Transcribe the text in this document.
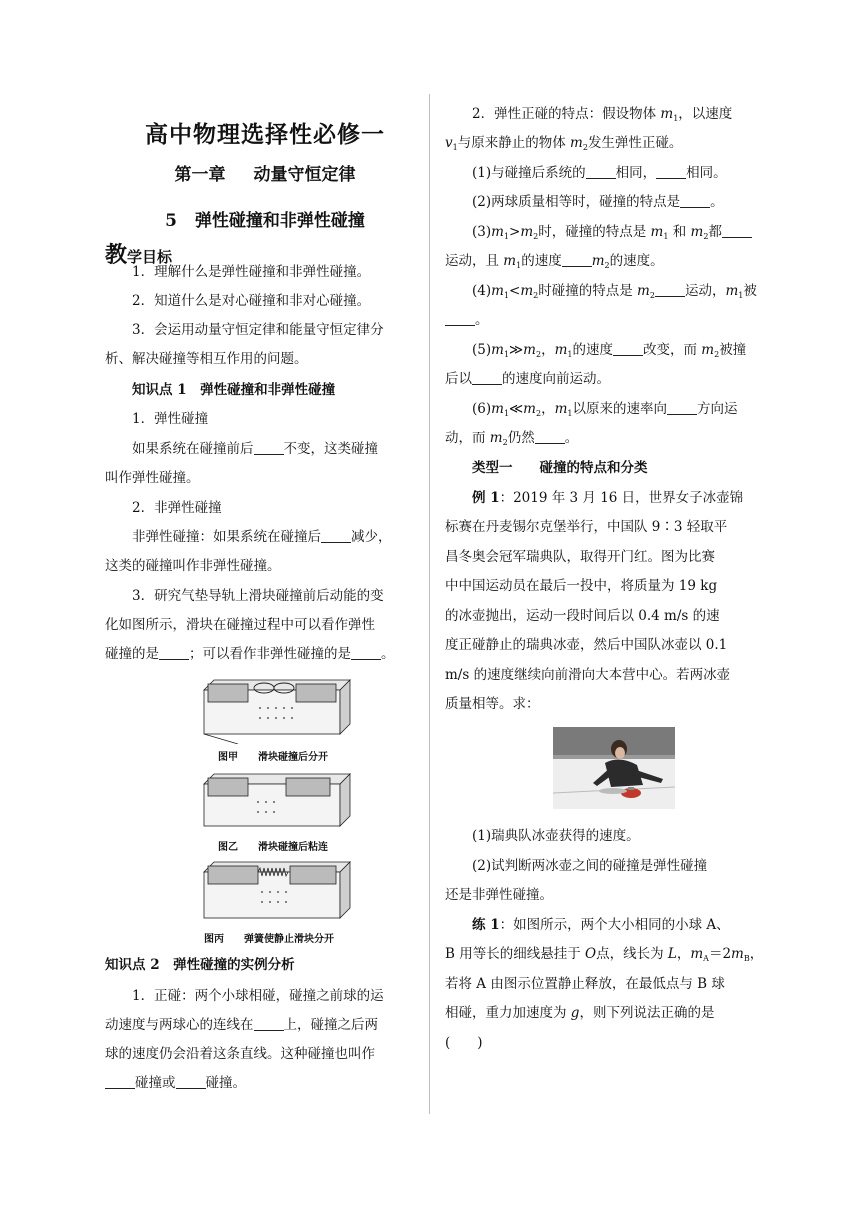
高中物理选择性必修一
第一章 动量守恒定律
5 弹性碰撞和非弹性碰撞
教学目标

1．理解什么是弹性碰撞和非弹性碰撞。

2．知道什么是对心碰撞和非对心碰撞。

3．会运用动量守恒定律和能量守恒定律分

析、解决碰撞等相互作用的问题。

知识点 1　 弹性碰撞和非弹性碰撞

1．弹性碰撞

如果系统在碰撞前后 不变，这类碰撞

叫作弹性碰撞。

2．非弹性碰撞

非弹性碰撞：如果系统在碰撞后 减少，

这类的碰撞叫作非弹性碰撞。

3．研究气垫导轨上滑块碰撞前后动能的变

化如图所示，滑块在碰撞过程中可以看作弹性

碰撞的是 ；可以看作非弹性碰撞的是 。

图甲　　 滑块碰撞后分开
图乙　　 滑块碰撞后粘连
图丙　　 弹簧使静止滑块分开

知识点 2　 弹性碰撞的实例分析

1．正碰：两个小球相碰，碰撞之前球的运

动速度与两球心的连线在 上，碰撞之后两

球的速度仍会沿着这条直线。这种碰撞也叫作

碰撞或 碰撞。

2．弹性正碰的特点：假设物体 $m_1$，以速度

$v_1$与原来静止的物体 $m_2$发生弹性正碰。

(1)与碰撞后系统的 相同， 相同。

(2)两球质量相等时，碰撞的特点是 。

$(3)m_1>m_2$时，碰撞的特点是 $m_1$ 和 $m_2$都

运动，且 $m_1$的速度 $m_2$的速度。

$(4)m_1<m_2$时碰撞的特点是 $m_2$ 运动，$m_1$被

。

$(5)m_1≫m_2$，$m_1$的速度 改变，而 $m_2$被撞

后以 的速度向前运动。

$(6)m_1≪m_2$，$m_1$以原来的速率向 方向运

动，而 $m_2$仍然 。

类型一　　 碰撞的特点和分类

例 1：2019 年 3 月 16 日，世界女子冰壶锦

标赛在丹麦锡尔克堡举行，中国队 9∶3 轻取平

昌冬奥会冠军瑞典队，取得开门红。图为比赛

中中国运动员在最后一投中，将质量为 19 kg

的冰壶抛出，运动一段时间后以 0.4 m/s 的速

度正碰静止的瑞典冰壶，然后中国队冰壶以 0.1

m/s 的速度继续向前滑向大本营中心。若两冰壶

质量相等。求：

(1)瑞典队冰壶获得的速度。

(2)试判断两冰壶之间的碰撞是弹性碰撞

还是非弹性碰撞。

练 1：如图所示，两个大小相同的小球 A、

B 用等长的细线悬挂于 O点，线长为 L，$m_A=2m_B$，

若将 A 由图示位置静止释放，在最低点与 B 球

相碰，重力加速度为 g，则下列说法正确的是

(　　)
